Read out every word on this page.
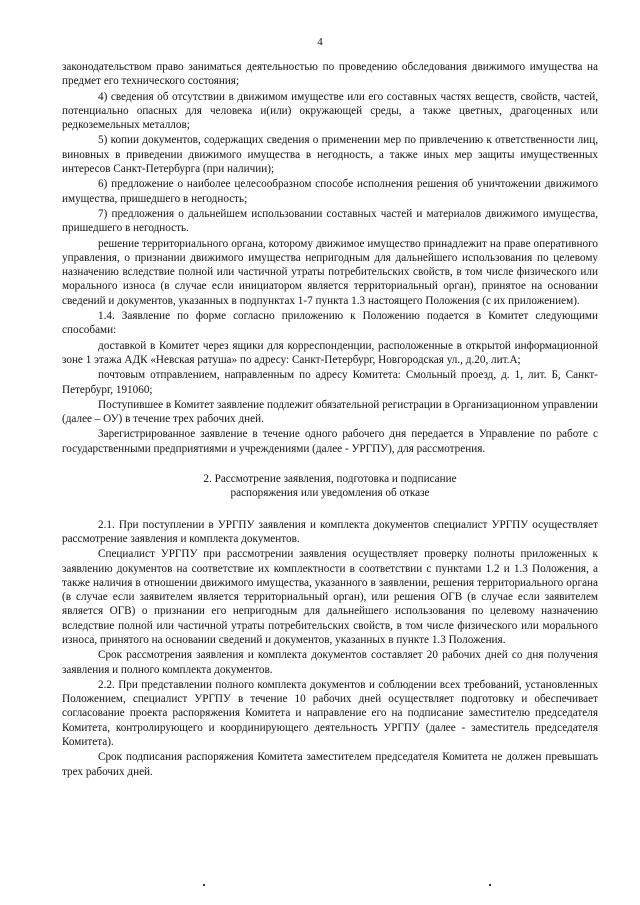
4

законодательством право заниматься деятельностью по проведению обследования движимого имущества на предмет его технического состояния;

4) сведения об отсутствии в движимом имуществе или его составных частях веществ, свойств, частей, потенциально опасных для человека и(или) окружающей среды, а также цветных, драгоценных или редкоземельных металлов;

5) копии документов, содержащих сведения о применении мер по привлечению к ответственности лиц, виновных в приведении движимого имущества в негодность, а также иных мер защиты имущественных интересов Санкт-Петербурга (при наличии);

6) предложение о наиболее целесообразном способе исполнения решения об уничтожении движимого имущества, пришедшего в негодность;

7) предложения о дальнейшем использовании составных частей и материалов движимого имущества, пришедшего в негодность.

решение территориального органа, которому движимое имущество принадлежит на праве оперативного управления, о признании движимого имущества непригодным для дальнейшего использования по целевому назначению вследствие полной или частичной утраты потребительских свойств, в том числе физического или морального износа (в случае если инициатором является территориальный орган), принятое на основании сведений и документов, указанных в подпунктах 1-7 пункта 1.3 настоящего Положения (с их приложением).

1.4. Заявление по форме согласно приложению к Положению подается в Комитет следующими способами:

доставкой в Комитет через ящики для корреспонденции, расположенные в открытой информационной зоне 1 этажа АДК «Невская ратуша» по адресу: Санкт-Петербург, Новгородская ул., д.20, лит.А;

почтовым отправлением, направленным по адресу Комитета: Смольный проезд, д. 1, лит. Б, Санкт-Петербург, 191060;

Поступившее в Комитет заявление подлежит обязательной регистрации в Организационном управлении (далее – ОУ) в течение трех рабочих дней.

Зарегистрированное заявление в течение одного рабочего дня передается в Управление по работе с государственными предприятиями и учреждениями (далее - УРГПУ), для рассмотрения.

2. Рассмотрение заявления, подготовка и подписание
распоряжения или уведомления об отказе

2.1. При поступлении в УРГПУ заявления и комплекта документов специалист УРГПУ осуществляет рассмотрение заявления и комплекта документов.

Специалист УРГПУ при рассмотрении заявления осуществляет проверку полноты приложенных к заявлению документов на соответствие их комплектности в соответствии с пунктами 1.2 и 1.3 Положения, а также наличия в отношении движимого имущества, указанного в заявлении, решения территориального органа (в случае если заявителем является территориальный орган), или решения ОГВ (в случае если заявителем является ОГВ) о признании его непригодным для дальнейшего использования по целевому назначению вследствие полной или частичной утраты потребительских свойств, в том числе физического или морального износа, принятого на основании сведений и документов, указанных в пункте 1.3 Положения.

Срок рассмотрения заявления и комплекта документов составляет 20 рабочих дней со дня получения заявления и полного комплекта документов.

2.2. При представлении полного комплекта документов и соблюдении всех требований, установленных Положением, специалист УРГПУ в течение 10 рабочих дней осуществляет подготовку и обеспечивает согласование проекта распоряжения Комитета и направление его на подписание заместителю председателя Комитета, контролирующего и координирующего деятельность УРГПУ (далее - заместитель председателя Комитета).

Срок подписания распоряжения Комитета заместителем председателя Комитета не должен превышать трех рабочих дней.
